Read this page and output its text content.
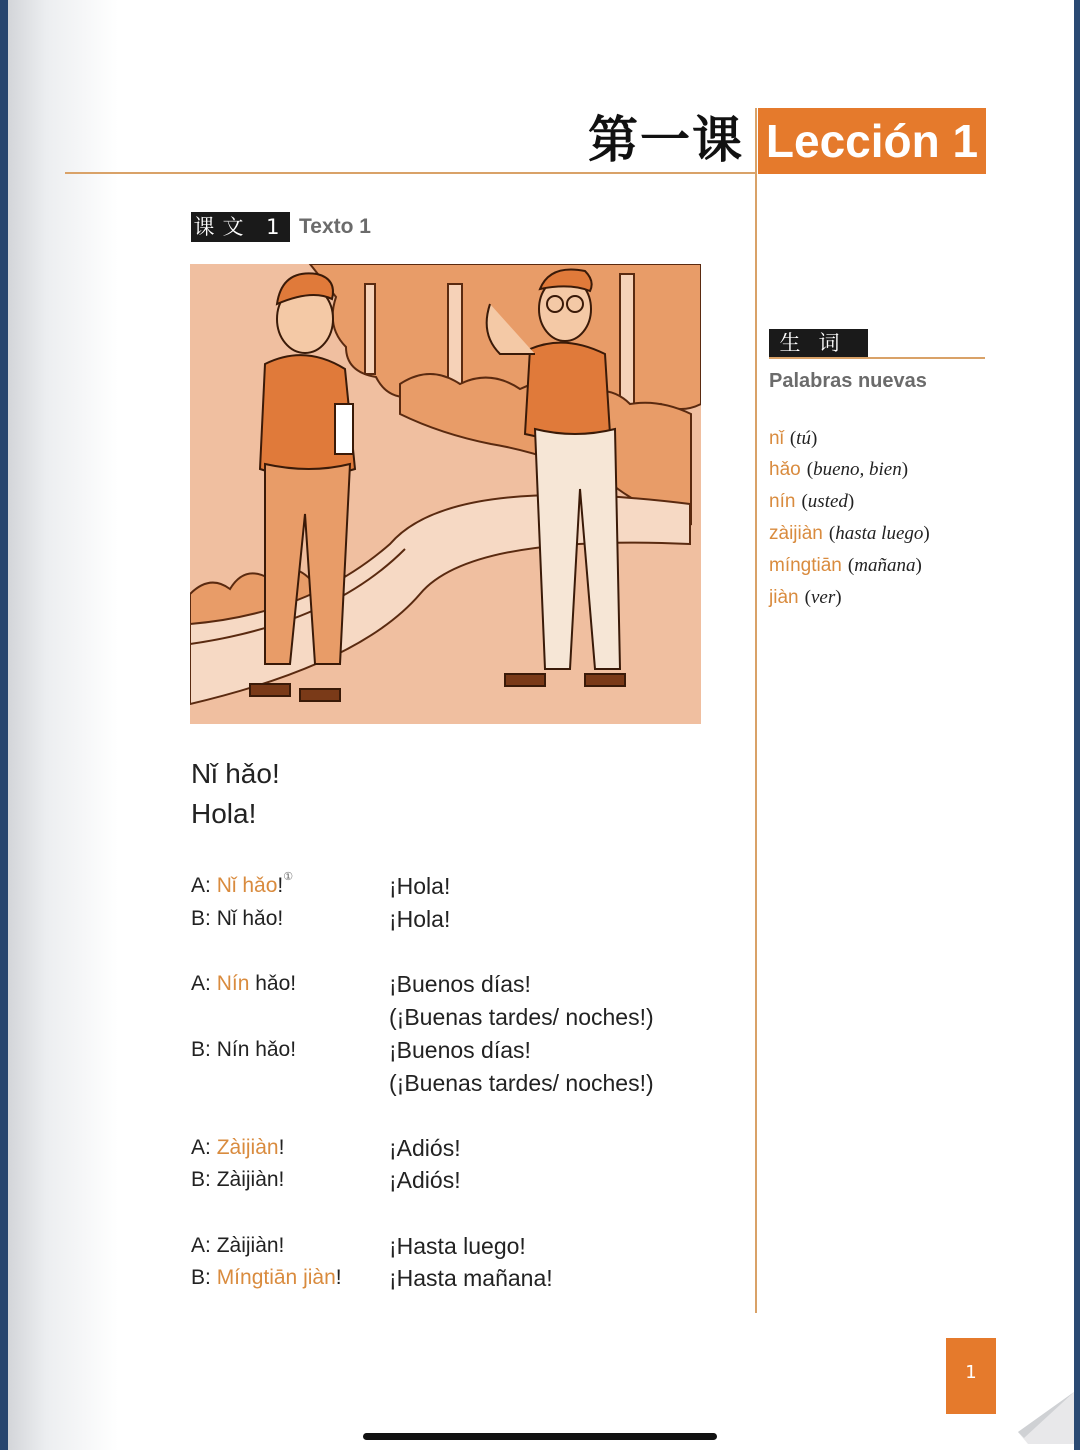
第一课 Lección 1
课文 1 Texto 1
Nǐ hǎo!
Hola!
A: Nǐ hǎo!①	¡Hola!
B: Nǐ hǎo!	¡Hola!
A: Nín hǎo!	¡Buenos días!
(¡Buenas tardes/ noches!)
B: Nín hǎo!	¡Buenos días!
(¡Buenas tardes/ noches!)
A: Zàijiàn!	¡Adiós!
B: Zàijiàn!	¡Adiós!
A: Zàijiàn!	¡Hasta luego!
B: Míngtiān jiàn! ¡Hasta mañana!
生词
Palabras nuevas
nǐ (tú)
hǎo (bueno, bien)
nín (usted)
zàijiàn (hasta luego)
míngtiān (mañana)
jiàn (ver)
1
